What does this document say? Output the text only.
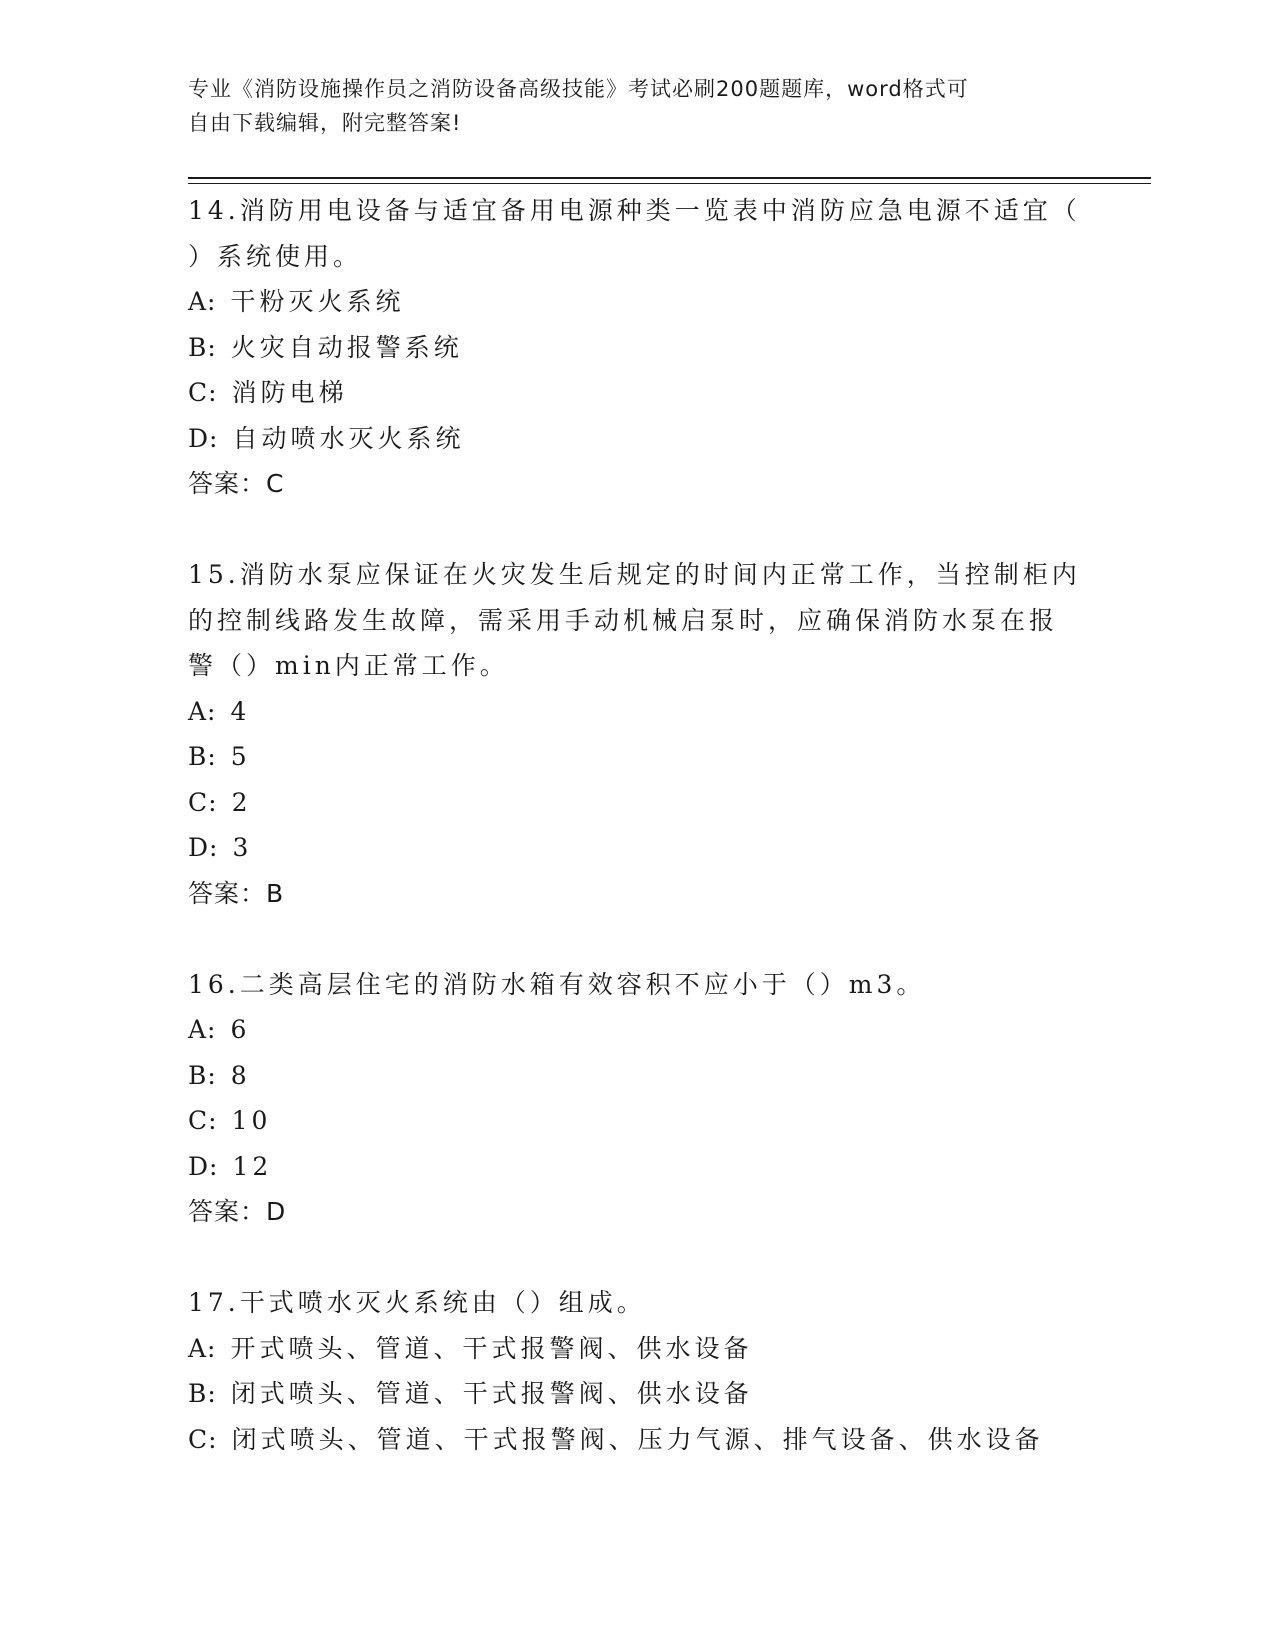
专业《消防设施操作员之消防设备高级技能》考试必刷200题题库，word格式可
自由下载编辑，附完整答案!

14.消防用电设备与适宜备用电源种类一览表中消防应急电源不适宜（

）系统使用。

A: 干粉灭火系统

B: 火灾自动报警系统

C: 消防电梯

D: 自动喷水灭火系统

答案：C

15.消防水泵应保证在火灾发生后规定的时间内正常工作，当控制柜内

的控制线路发生故障，需采用手动机械启泵时，应确保消防水泵在报

警（）min内正常工作。

A: 4

B: 5

C: 2

D: 3

答案：B

16.二类高层住宅的消防水箱有效容积不应小于（）m3。

A: 6

B: 8

C: 10

D: 12

答案：D

17.干式喷水灭火系统由（）组成。

A: 开式喷头、管道、干式报警阀、供水设备

B: 闭式喷头、管道、干式报警阀、供水设备

C: 闭式喷头、管道、干式报警阀、压力气源、排气设备、供水设备
